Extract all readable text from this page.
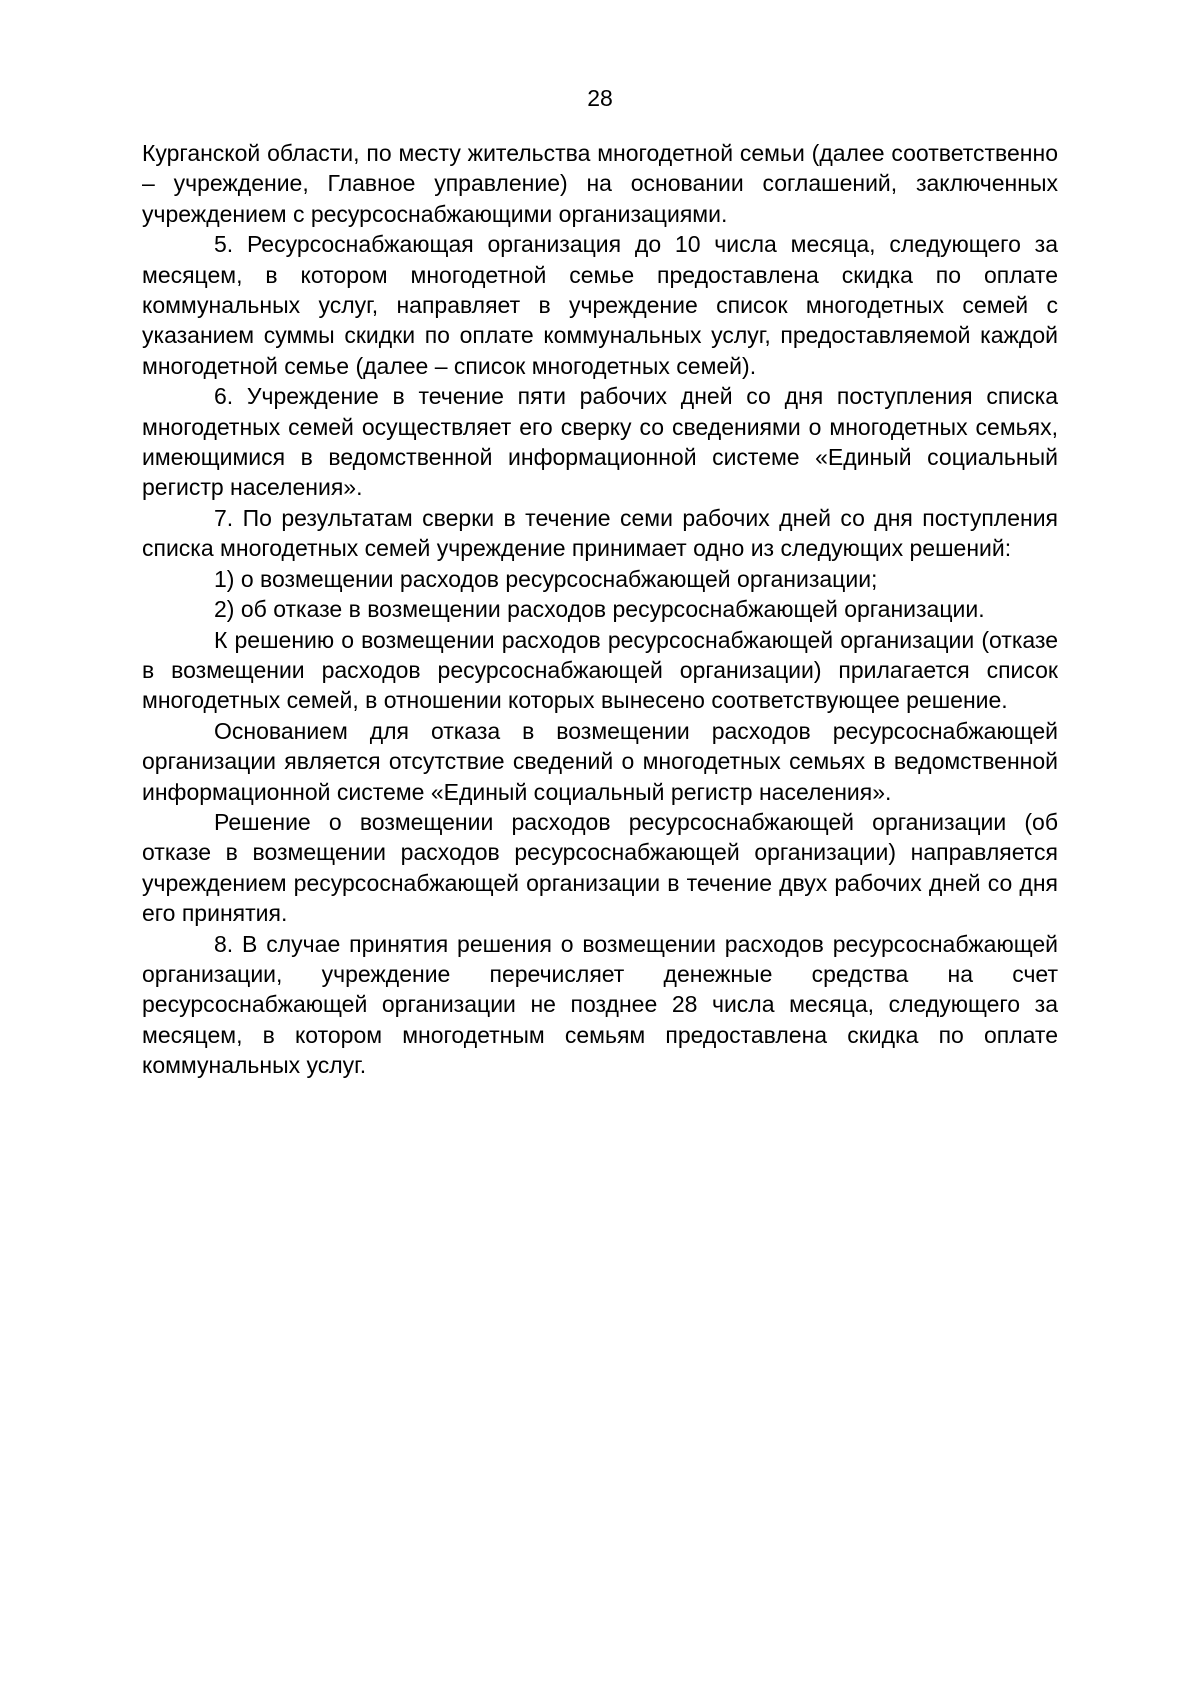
28

Курганской области, по месту жительства многодетной семьи (далее соответственно – учреждение, Главное управление) на основании соглашений, заключенных учреждением с ресурсоснабжающими организациями.

5. Ресурсоснабжающая организация до 10 числа месяца, следующего за месяцем, в котором многодетной семье предоставлена скидка по оплате коммунальных услуг, направляет в учреждение список многодетных семей с указанием суммы скидки по оплате коммунальных услуг, предоставляемой каждой многодетной семье (далее – список многодетных семей).

6. Учреждение в течение пяти рабочих дней со дня поступления списка многодетных семей осуществляет его сверку со сведениями о многодетных семьях, имеющимися в ведомственной информационной системе «Единый социальный регистр населения».

7. По результатам сверки в течение семи рабочих дней со дня поступления списка многодетных семей учреждение принимает одно из следующих решений:

1) о возмещении расходов ресурсоснабжающей организации;

2) об отказе в возмещении расходов ресурсоснабжающей организации.

К решению о возмещении расходов ресурсоснабжающей организации (отказе в возмещении расходов ресурсоснабжающей организации) прилагается список многодетных семей, в отношении которых вынесено соответствующее решение.

Основанием для отказа в возмещении расходов ресурсоснабжающей организации является отсутствие сведений о многодетных семьях в ведомственной информационной системе «Единый социальный регистр населения».

Решение о возмещении расходов ресурсоснабжающей организации (об отказе в возмещении расходов ресурсоснабжающей организации) направляется учреждением ресурсоснабжающей организации в течение двух рабочих дней со дня его принятия.

8. В случае принятия решения о возмещении расходов ресурсоснабжающей организации, учреждение перечисляет денежные средства на счет ресурсоснабжающей организации не позднее 28 числа месяца, следующего за месяцем, в котором многодетным семьям предоставлена скидка по оплате коммунальных услуг.
